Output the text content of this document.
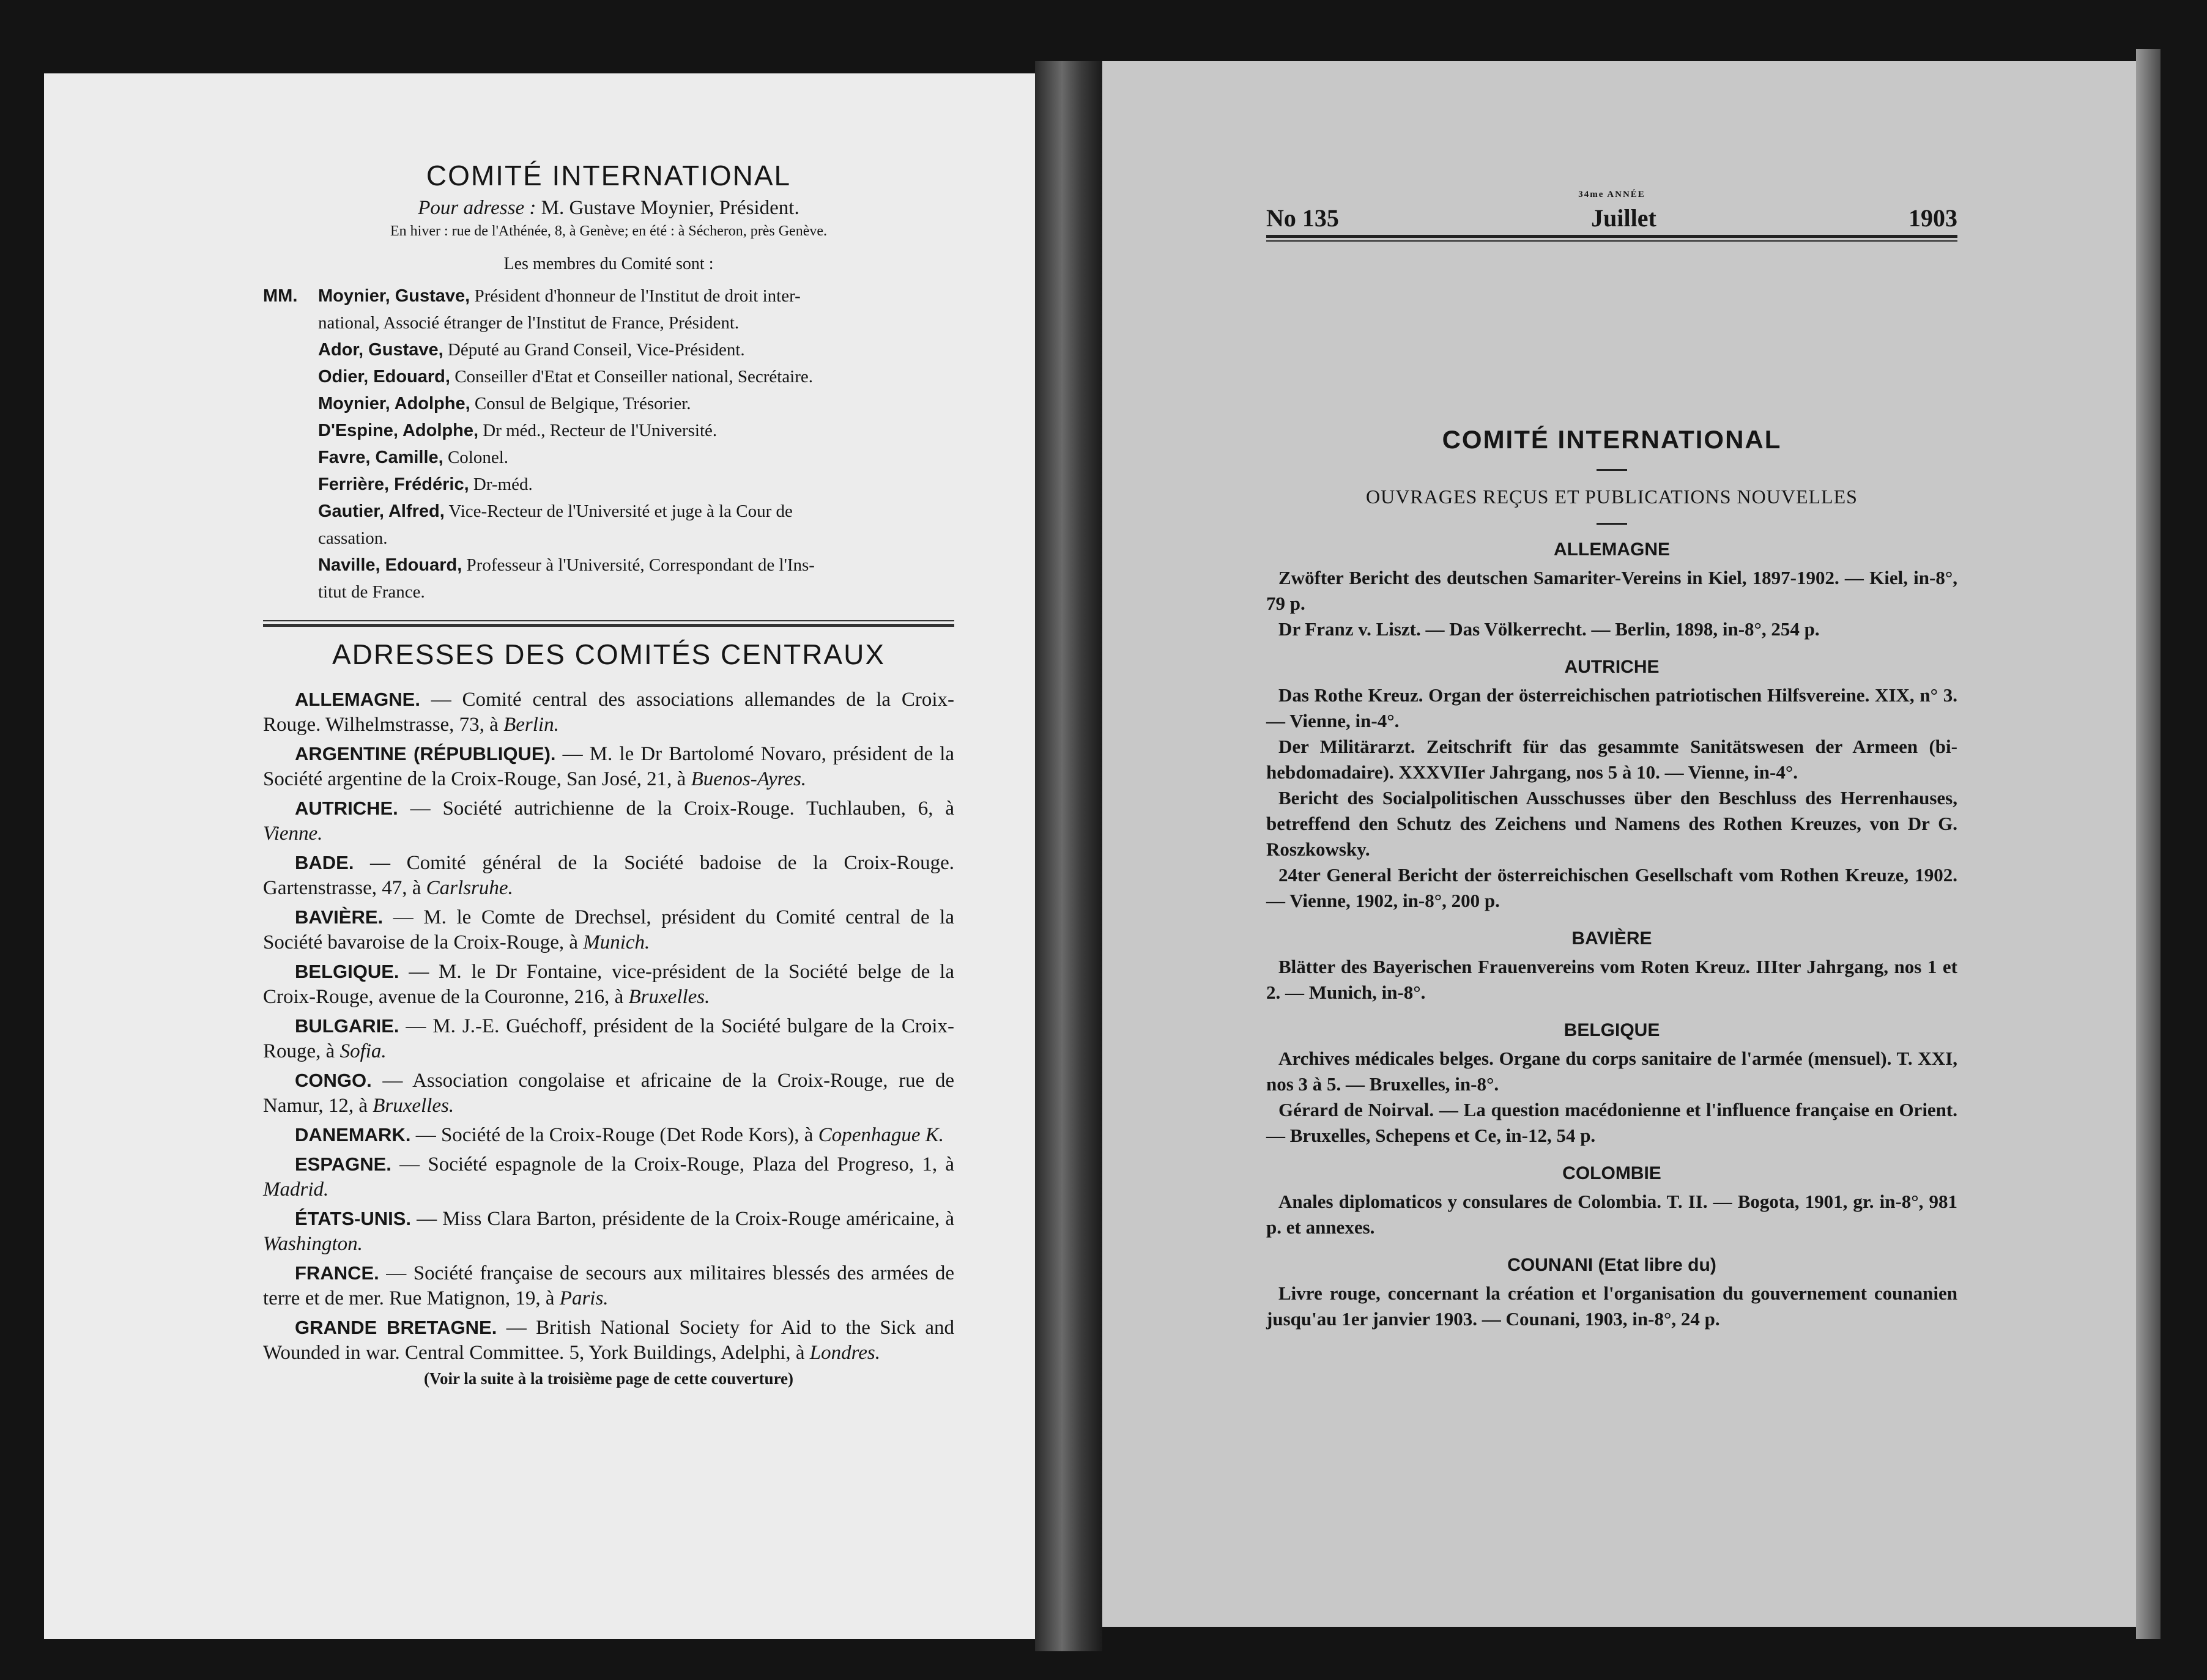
COMITÉ INTERNATIONAL
Pour adresse : M. Gustave Moynier, Président.
En hiver : rue de l'Athénée, 8, à Genève; en été : à Sécheron, près Genève.
Les membres du Comité sont :
MM.	Moynier, Gustave, Président d'honneur de l'Institut de droit inter-
national, Associé étranger de l'Institut de France, Président.
Ador, Gustave, Député au Grand Conseil, Vice-Président.
Odier, Edouard, Conseiller d'Etat et Conseiller national, Secrétaire.
Moynier, Adolphe, Consul de Belgique, Trésorier.
D'Espine, Adolphe, Dr méd., Recteur de l'Université.
Favre, Camille, Colonel.
Ferrière, Frédéric, Dr-méd.
Gautier, Alfred, Vice-Recteur de l'Université et juge à la Cour de
cassation.
Naville, Edouard, Professeur à l'Université, Correspondant de l'Ins-
titut de France.
ADRESSES DES COMITÉS CENTRAUX
ALLEMAGNE. — Comité central des associations allemandes de la Croix-Rouge. Wilhelmstrasse, 73, à Berlin.
ARGENTINE (RÉPUBLIQUE). — M. le Dr Bartolomé Novaro, président de la Société argentine de la Croix-Rouge, San José, 21, à Buenos-Ayres.
AUTRICHE. — Société autrichienne de la Croix-Rouge. Tuchlauben, 6, à Vienne.
BADE. — Comité général de la Société badoise de la Croix-Rouge. Gartenstrasse, 47, à Carlsruhe.
BAVIÈRE. — M. le Comte de Drechsel, président du Comité central de la Société bavaroise de la Croix-Rouge, à Munich.
BELGIQUE. — M. le Dr Fontaine, vice-président de la Société belge de la Croix-Rouge, avenue de la Couronne, 216, à Bruxelles.
BULGARIE. — M. J.-E. Guéchoff, président de la Société bulgare de la Croix-Rouge, à Sofia.
CONGO. — Association congolaise et africaine de la Croix-Rouge, rue de Namur, 12, à Bruxelles.
DANEMARK. — Société de la Croix-Rouge (Det Rode Kors), à Copenhague K.
ESPAGNE. — Société espagnole de la Croix-Rouge, Plaza del Progreso, 1, à Madrid.
ÉTATS-UNIS. — Miss Clara Barton, présidente de la Croix-Rouge américaine, à Washington.
FRANCE. — Société française de secours aux militaires blessés des armées de terre et de mer. Rue Matignon, 19, à Paris.
GRANDE BRETAGNE. — British National Society for Aid to the Sick and Wounded in war. Central Committee. 5, York Buildings, Adelphi, à Londres.
(Voir la suite à la troisième page de cette couverture)
34me ANNÉE
No 135	Juillet	1903
COMITÉ INTERNATIONAL
OUVRAGES REÇUS ET PUBLICATIONS NOUVELLES
ALLEMAGNE
Zwöfter Bericht des deutschen Samariter-Vereins in Kiel, 1897-1902. — Kiel, in-8°, 79 p.
Dr Franz v. Liszt. — Das Völkerrecht. — Berlin, 1898, in-8°, 254 p.
AUTRICHE
Das Rothe Kreuz. Organ der österreichischen patriotischen Hilfsvereine. XIX, n° 3. — Vienne, in-4°.
Der Militärarzt. Zeitschrift für das gesammte Sanitätswesen der Armeen (bi-hebdomadaire). XXXVIIer Jahrgang, nos 5 à 10. — Vienne, in-4°.
Bericht des Socialpolitischen Ausschusses über den Beschluss des Herrenhauses, betreffend den Schutz des Zeichens und Namens des Rothen Kreuzes, von Dr G. Roszkowsky.
24ter General Bericht der österreichischen Gesellschaft vom Rothen Kreuze, 1902. — Vienne, 1902, in-8°, 200 p.
BAVIÈRE
Blätter des Bayerischen Frauenvereins vom Roten Kreuz. IIIter Jahrgang, nos 1 et 2. — Munich, in-8°.
BELGIQUE
Archives médicales belges. Organe du corps sanitaire de l'armée (mensuel). T. XXI, nos 3 à 5. — Bruxelles, in-8°.
Gérard de Noirval. — La question macédonienne et l'influence française en Orient. — Bruxelles, Schepens et Ce, in-12, 54 p.
COLOMBIE
Anales diplomaticos y consulares de Colombia. T. II. — Bogota, 1901, gr. in-8°, 981 p. et annexes.
COUNANI (Etat libre du)
Livre rouge, concernant la création et l'organisation du gouvernement counanien jusqu'au 1er janvier 1903. — Counani, 1903, in-8°, 24 p.
